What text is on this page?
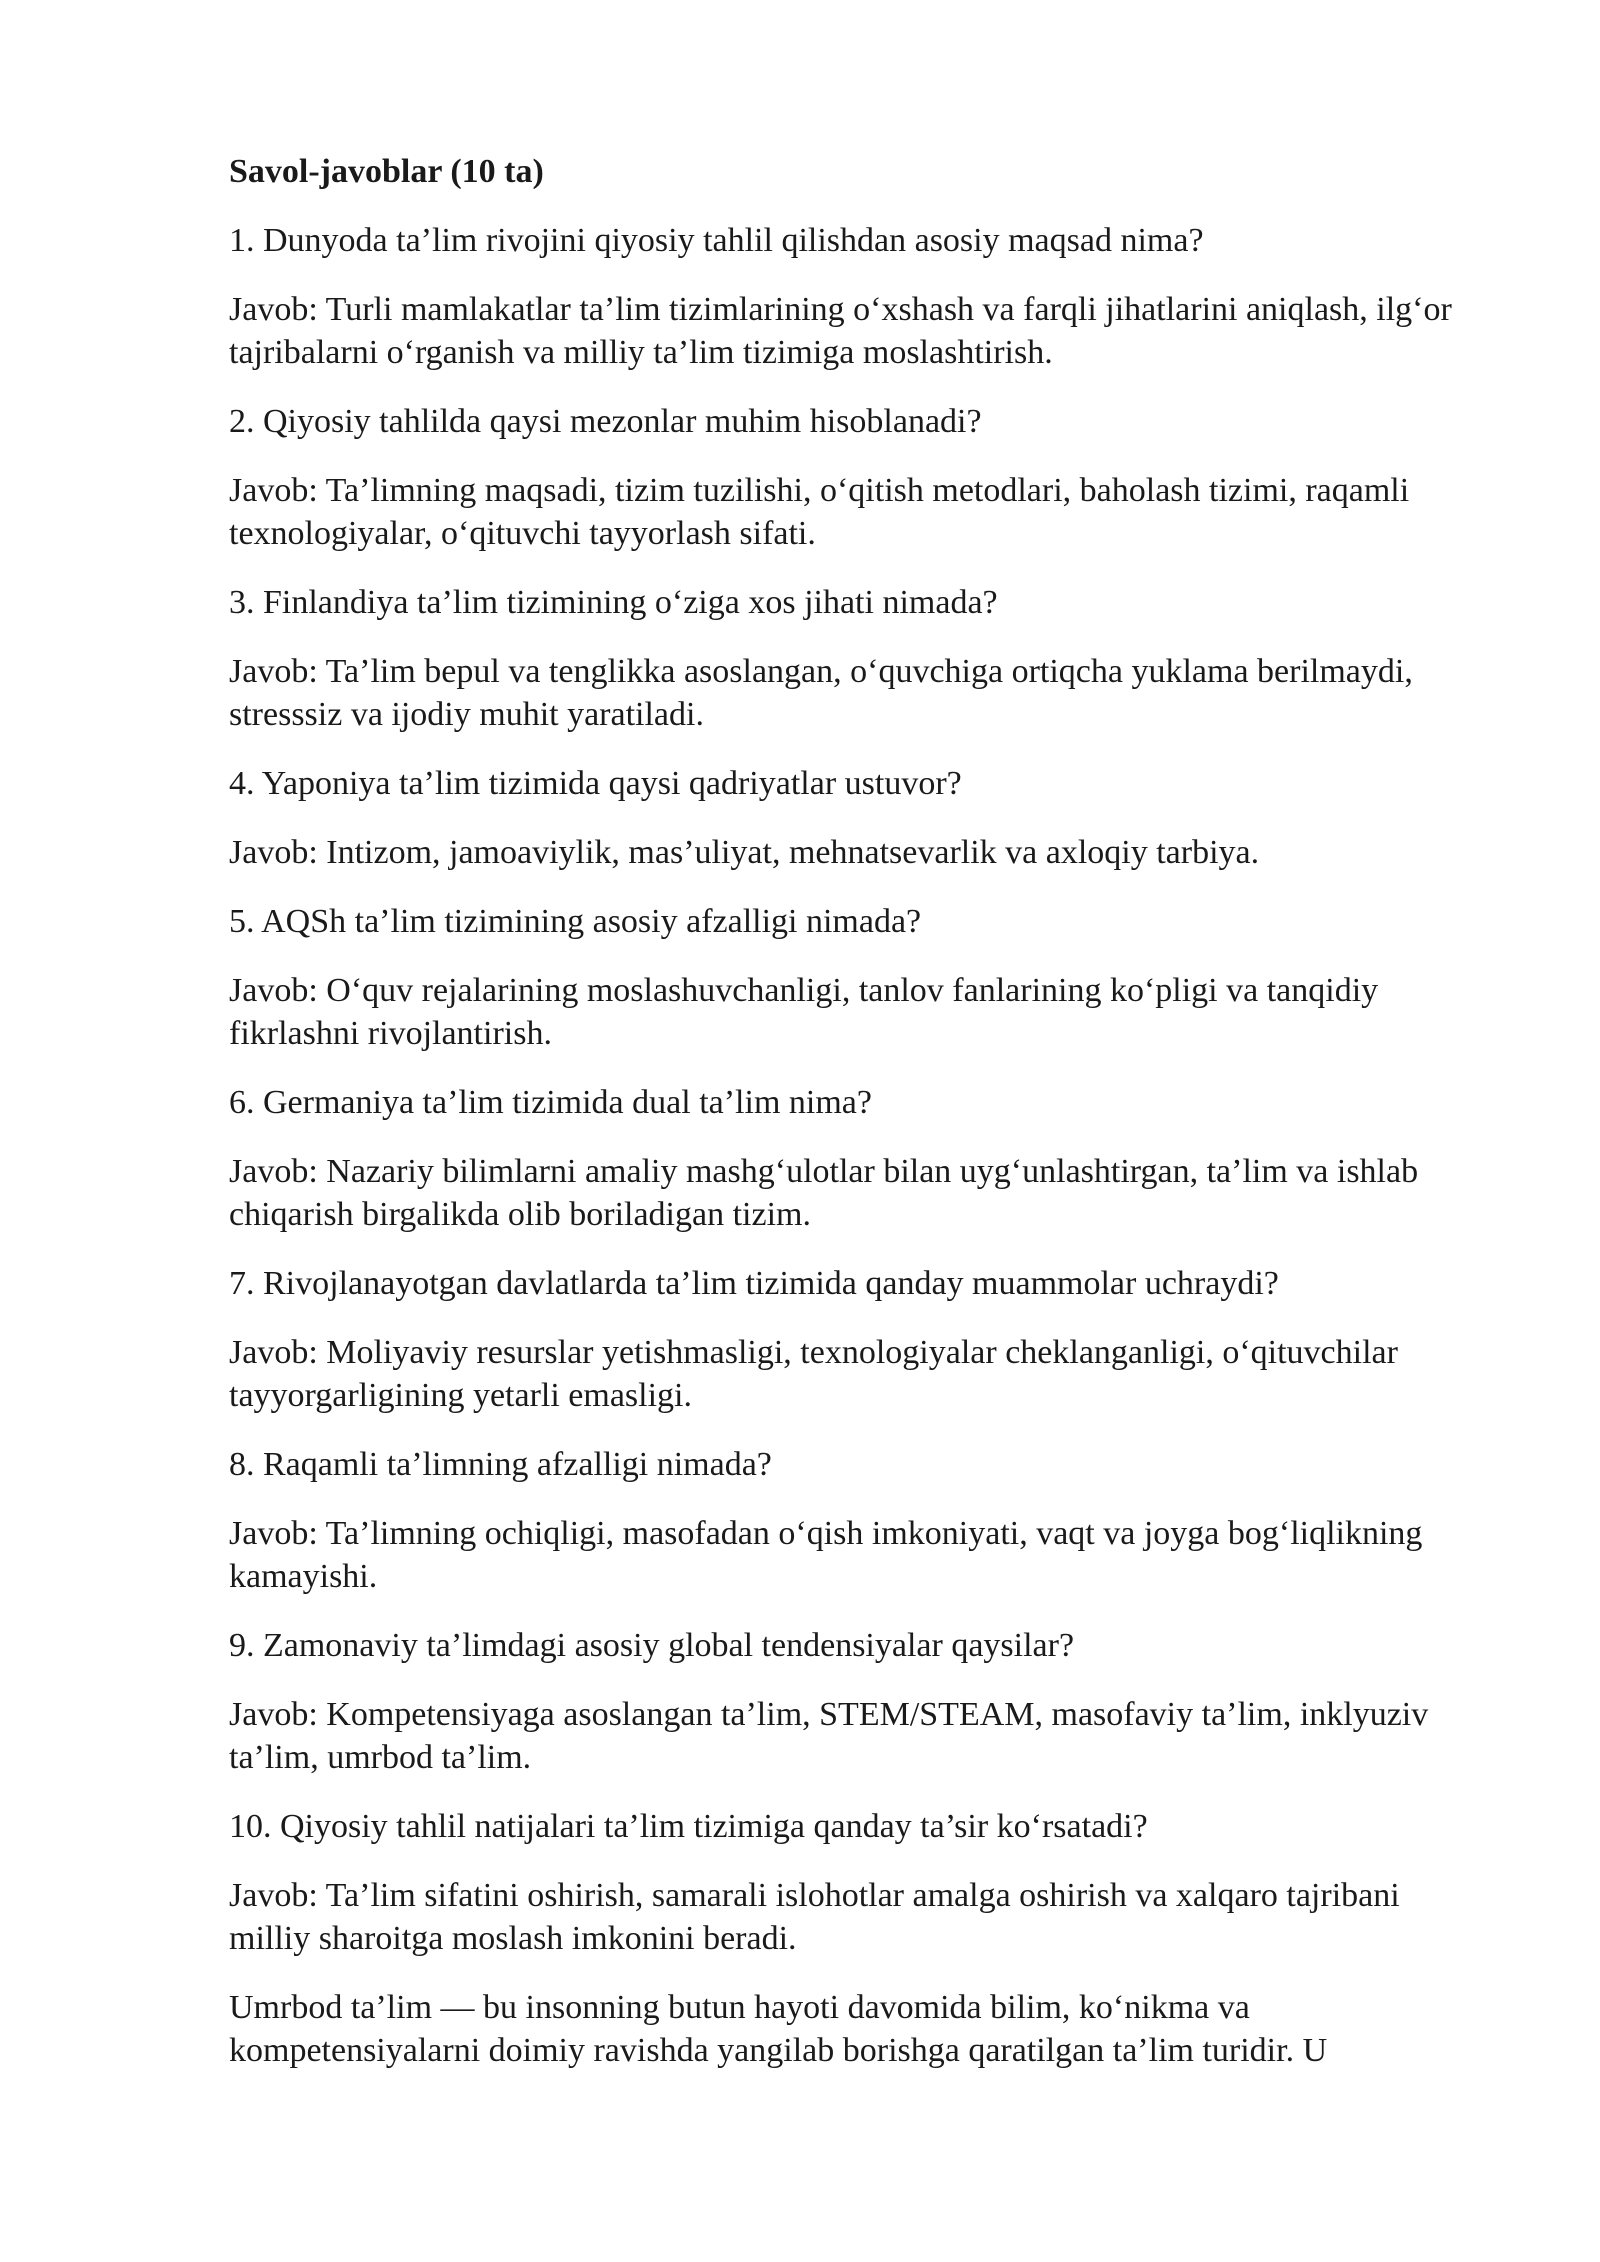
Savol-javoblar (10 ta)

1. Dunyoda ta’lim rivojini qiyosiy tahlil qilishdan asosiy maqsad nima?

Javob: Turli mamlakatlar ta’lim tizimlarining o‘xshash va farqli jihatlarini aniqlash, ilg‘or tajribalarni o‘rganish va milliy ta’lim tizimiga moslashtirish.

2. Qiyosiy tahlilda qaysi mezonlar muhim hisoblanadi?

Javob: Ta’limning maqsadi, tizim tuzilishi, o‘qitish metodlari, baholash tizimi, raqamli texnologiyalar, o‘qituvchi tayyorlash sifati.

3. Finlandiya ta’lim tizimining o‘ziga xos jihati nimada?

Javob: Ta’lim bepul va tenglikka asoslangan, o‘quvchiga ortiqcha yuklama berilmaydi, stresssiz va ijodiy muhit yaratiladi.

4. Yaponiya ta’lim tizimida qaysi qadriyatlar ustuvor?

Javob: Intizom, jamoaviylik, mas’uliyat, mehnatsevarlik va axloqiy tarbiya.

5. AQSh ta’lim tizimining asosiy afzalligi nimada?

Javob: O‘quv rejalarining moslashuvchanligi, tanlov fanlarining ko‘pligi va tanqidiy fikrlashni rivojlantirish.

6. Germaniya ta’lim tizimida dual ta’lim nima?

Javob: Nazariy bilimlarni amaliy mashg‘ulotlar bilan uyg‘unlashtirgan, ta’lim va ishlab chiqarish birgalikda olib boriladigan tizim.

7. Rivojlanayotgan davlatlarda ta’lim tizimida qanday muammolar uchraydi?

Javob: Moliyaviy resurslar yetishmasligi, texnologiyalar cheklanganligi, o‘qituvchilar tayyorgarligining yetarli emasligi.

8. Raqamli ta’limning afzalligi nimada?

Javob: Ta’limning ochiqligi, masofadan o‘qish imkoniyati, vaqt va joyga bog‘liqlikning kamayishi.

9. Zamonaviy ta’limdagi asosiy global tendensiyalar qaysilar?

Javob: Kompetensiyaga asoslangan ta’lim, STEM/STEAM, masofaviy ta’lim, inklyuziv ta’lim, umrbod ta’lim.

10. Qiyosiy tahlil natijalari ta’lim tizimiga qanday ta’sir ko‘rsatadi?

Javob: Ta’lim sifatini oshirish, samarali islohotlar amalga oshirish va xalqaro tajribani milliy sharoitga moslash imkonini beradi.

Umrbod ta’lim — bu insonning butun hayoti davomida bilim, ko‘nikma va kompetensiyalarni doimiy ravishda yangilab borishga qaratilgan ta’lim turidir. U
